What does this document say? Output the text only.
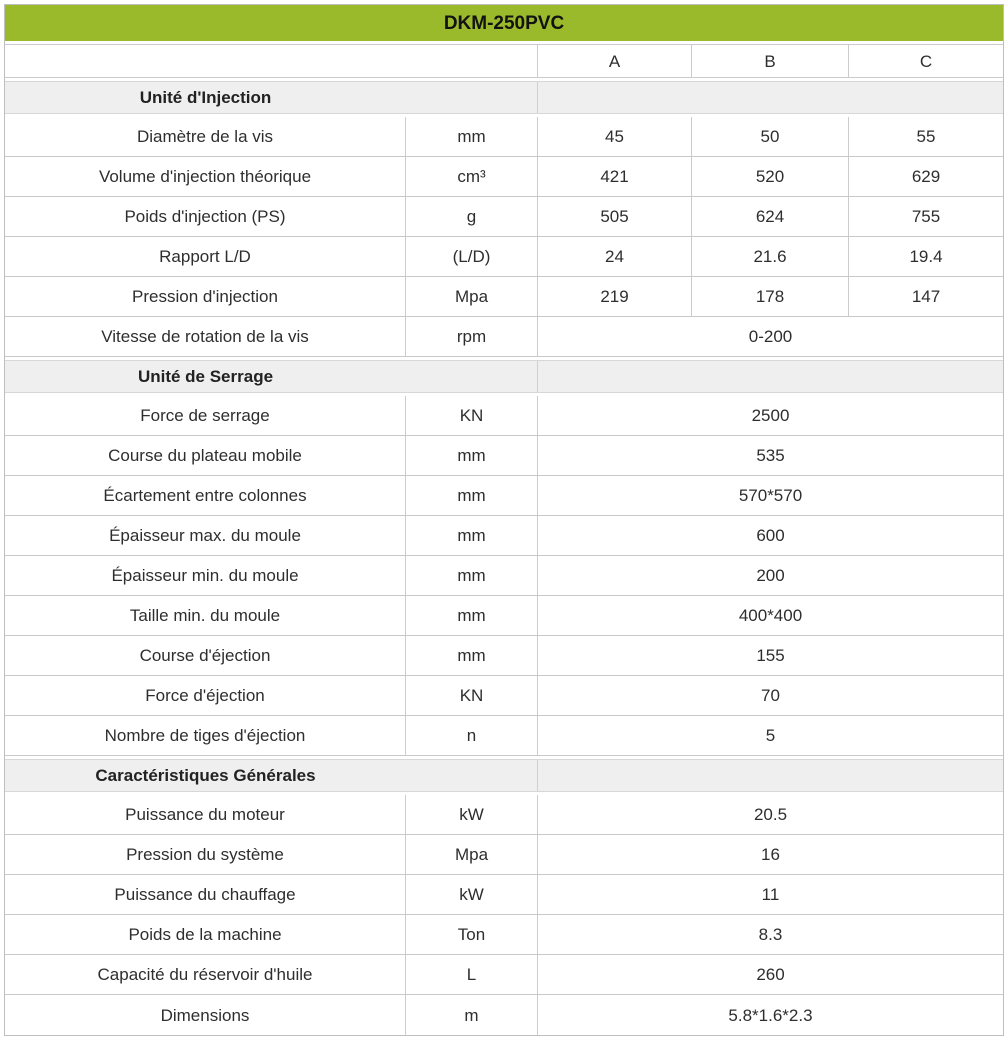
DKM-250PVC
A	B	C
Unité d'Injection
Diamètre de la vis	mm	45	50	55
Volume d'injection théorique	cm³	421	520	629
Poids d'injection (PS)	g	505	624	755
Rapport L/D	(L/D)	24	21.6	19.4
Pression d'injection	Mpa	219	178	147
Vitesse de rotation de la vis	rpm	0-200
Unité de Serrage
Force de serrage	KN	2500
Course du plateau mobile	mm	535
Écartement entre colonnes	mm	570*570
Épaisseur max. du moule	mm	600
Épaisseur min. du moule	mm	200
Taille min. du moule	mm	400*400
Course d'éjection	mm	155
Force d'éjection	KN	70
Nombre de tiges d'éjection	n	5
Caractéristiques Générales
Puissance du moteur	kW	20.5
Pression du système	Mpa	16
Puissance du chauffage	kW	11
Poids de la machine	Ton	8.3
Capacité du réservoir d'huile	L	260
Dimensions	m	5.8*1.6*2.3
